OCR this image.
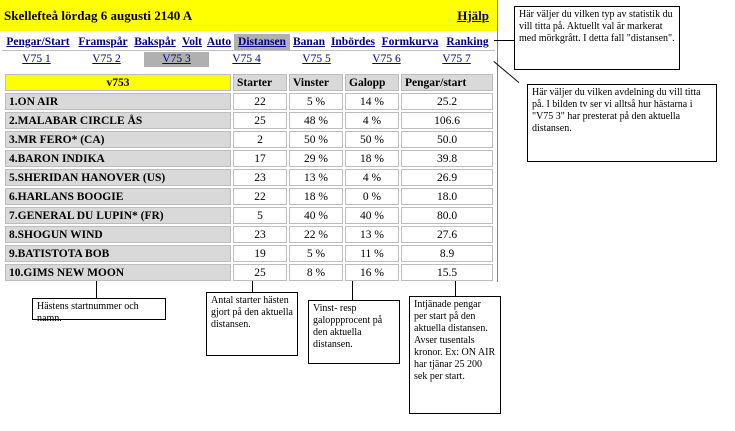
Skellefteå lördag 6 augusti 2140 A	Hjälp
Pengar/Start Framspår Bakspår Volt Auto Distansen Banan Inbördes Formkurva Ranking
V75 1	V75 2	V75 3	V75 4	V75 5	V75 6	V75 7
v753	Starter	Vinster	Galopp	Pengar/start
1.ON AIR	22	5 %	14 %	25.2
2.MALABAR CIRCLE ÅS	25	48 %	4 %	106.6
3.MR FERO* (CA)	2	50 %	50 %	50.0
4.BARON INDIKA	17	29 %	18 %	39.8
5.SHERIDAN HANOVER (US)	23	13 %	4 %	26.9
6.HARLANS BOOGIE	22	18 %	0 %	18.0
7.GENERAL DU LUPIN* (FR)	5	40 %	40 %	80.0
8.SHOGUN WIND	23	22 %	13 %	27.6
9.BATISTOTA BOB	19	5 %	11 %	8.9
10.GIMS NEW MOON	25	8 %	16 %	15.5
Här väljer du vilken typ av statistik du vill titta på. Aktuellt val är markerat med mörkgrått. I detta fall "distansen".
Här väljer du vilken avdelning du vill titta på. I bilden tv ser vi alltså hur hästarna i "V75 3" har presterat på den aktuella distansen.
Hästens startnummer och namn.
Antal starter hästen gjort på den aktuella distansen.
Vinst- resp galoppprocent på den aktuella distansen.
Intjänade pengar per start på den aktuella distansen. Avser tusentals kronor. Ex: ON AIR har tjänar 25 200 sek per start.
